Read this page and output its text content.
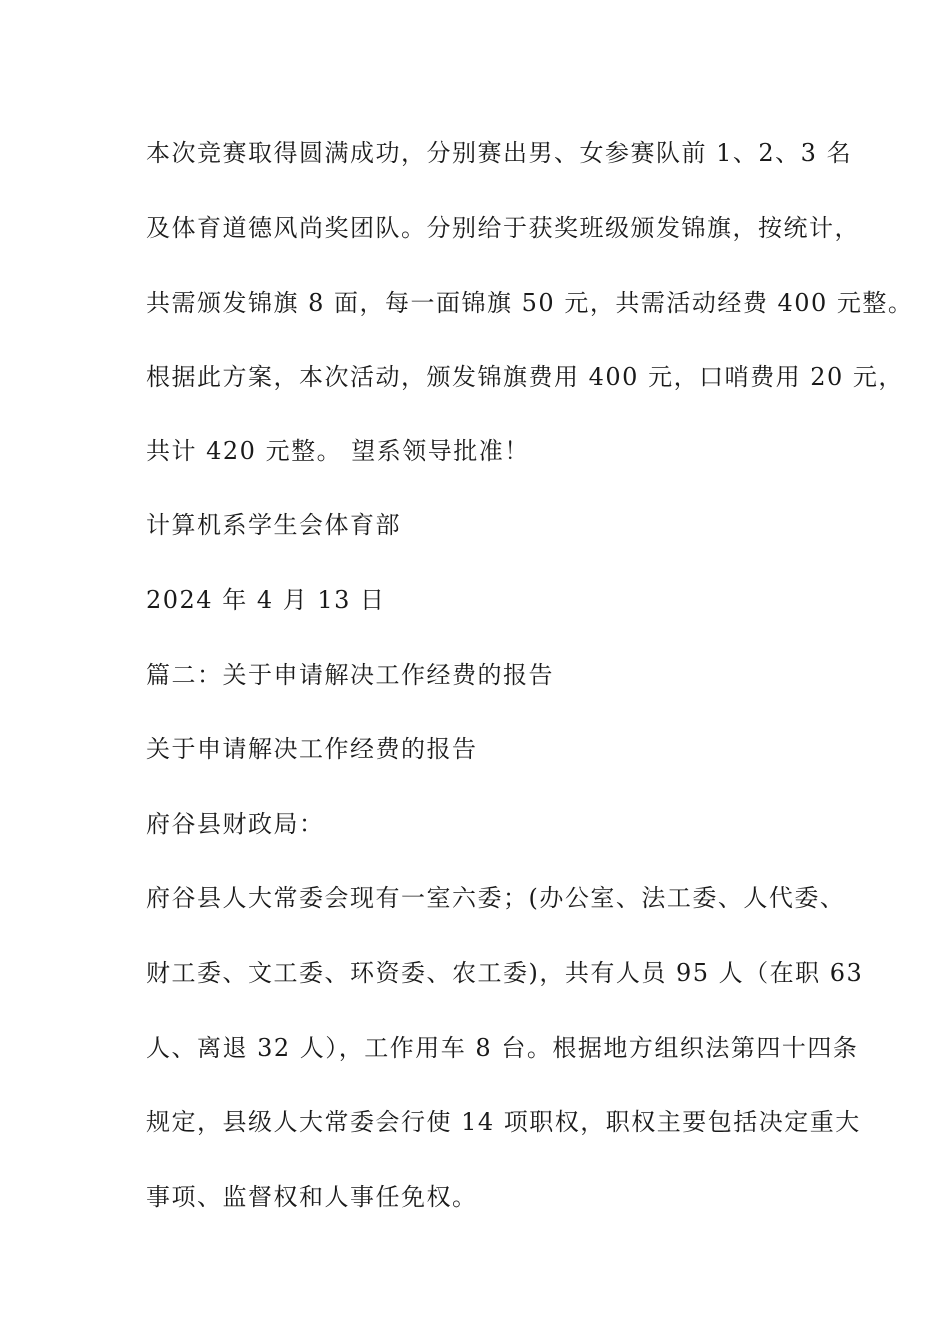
本次竞赛取得圆满成功，分别赛出男、女参赛队前 1、2、3 名
及体育道德风尚奖团队。分别给于获奖班级颁发锦旗，按统计，
共需颁发锦旗 8 面，每一面锦旗 50 元，共需活动经费 400 元整。
根据此方案，本次活动，颁发锦旗费用 400 元，口哨费用 20 元，
共计 420 元整。 望系领导批准！
计算机系学生会体育部
2024 年 4 月 13 日
篇二：关于申请解决工作经费的报告
关于申请解决工作经费的报告
府谷县财政局：
府谷县人大常委会现有一室六委；(办公室、法工委、人代委、
财工委、文工委、环资委、农工委)，共有人员 95 人（在职 63
人、离退 32 人），工作用车 8 台。根据地方组织法第四十四条
规定，县级人大常委会行使 14 项职权，职权主要包括决定重大
事项、监督权和人事任免权。
